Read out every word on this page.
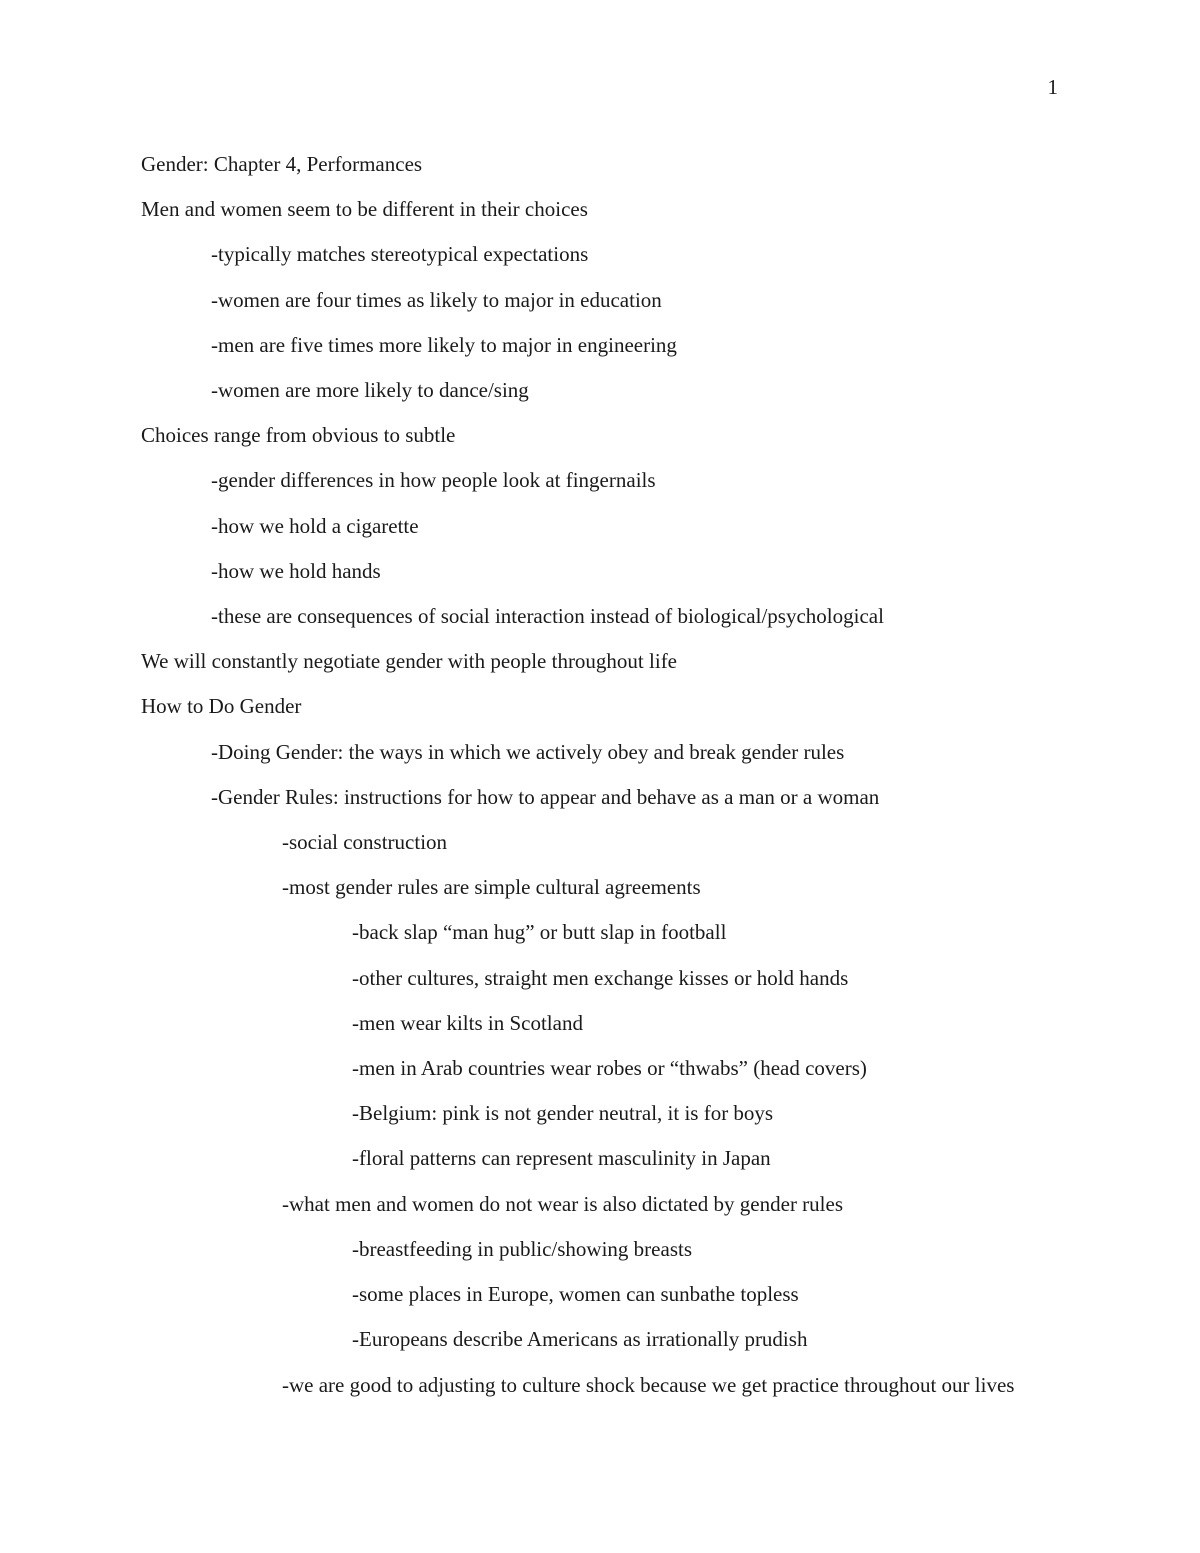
1
Gender: Chapter 4, Performances
Men and women seem to be different in their choices
-typically matches stereotypical expectations
-women are four times as likely to major in education
-men are five times more likely to major in engineering
-women are more likely to dance/sing
Choices range from obvious to subtle
-gender differences in how people look at fingernails
-how we hold a cigarette
-how we hold hands
-these are consequences of social interaction instead of biological/psychological
We will constantly negotiate gender with people throughout life
How to Do Gender
-Doing Gender: the ways in which we actively obey and break gender rules
-Gender Rules: instructions for how to appear and behave as a man or a woman
-social construction
-most gender rules are simple cultural agreements
-back slap “man hug” or butt slap in football
-other cultures, straight men exchange kisses or hold hands
-men wear kilts in Scotland
-men in Arab countries wear robes or “thwabs” (head covers)
-Belgium: pink is not gender neutral, it is for boys
-floral patterns can represent masculinity in Japan
-what men and women do not wear is also dictated by gender rules
-breastfeeding in public/showing breasts
-some places in Europe, women can sunbathe topless
-Europeans describe Americans as irrationally prudish
-we are good to adjusting to culture shock because we get practice throughout our lives
